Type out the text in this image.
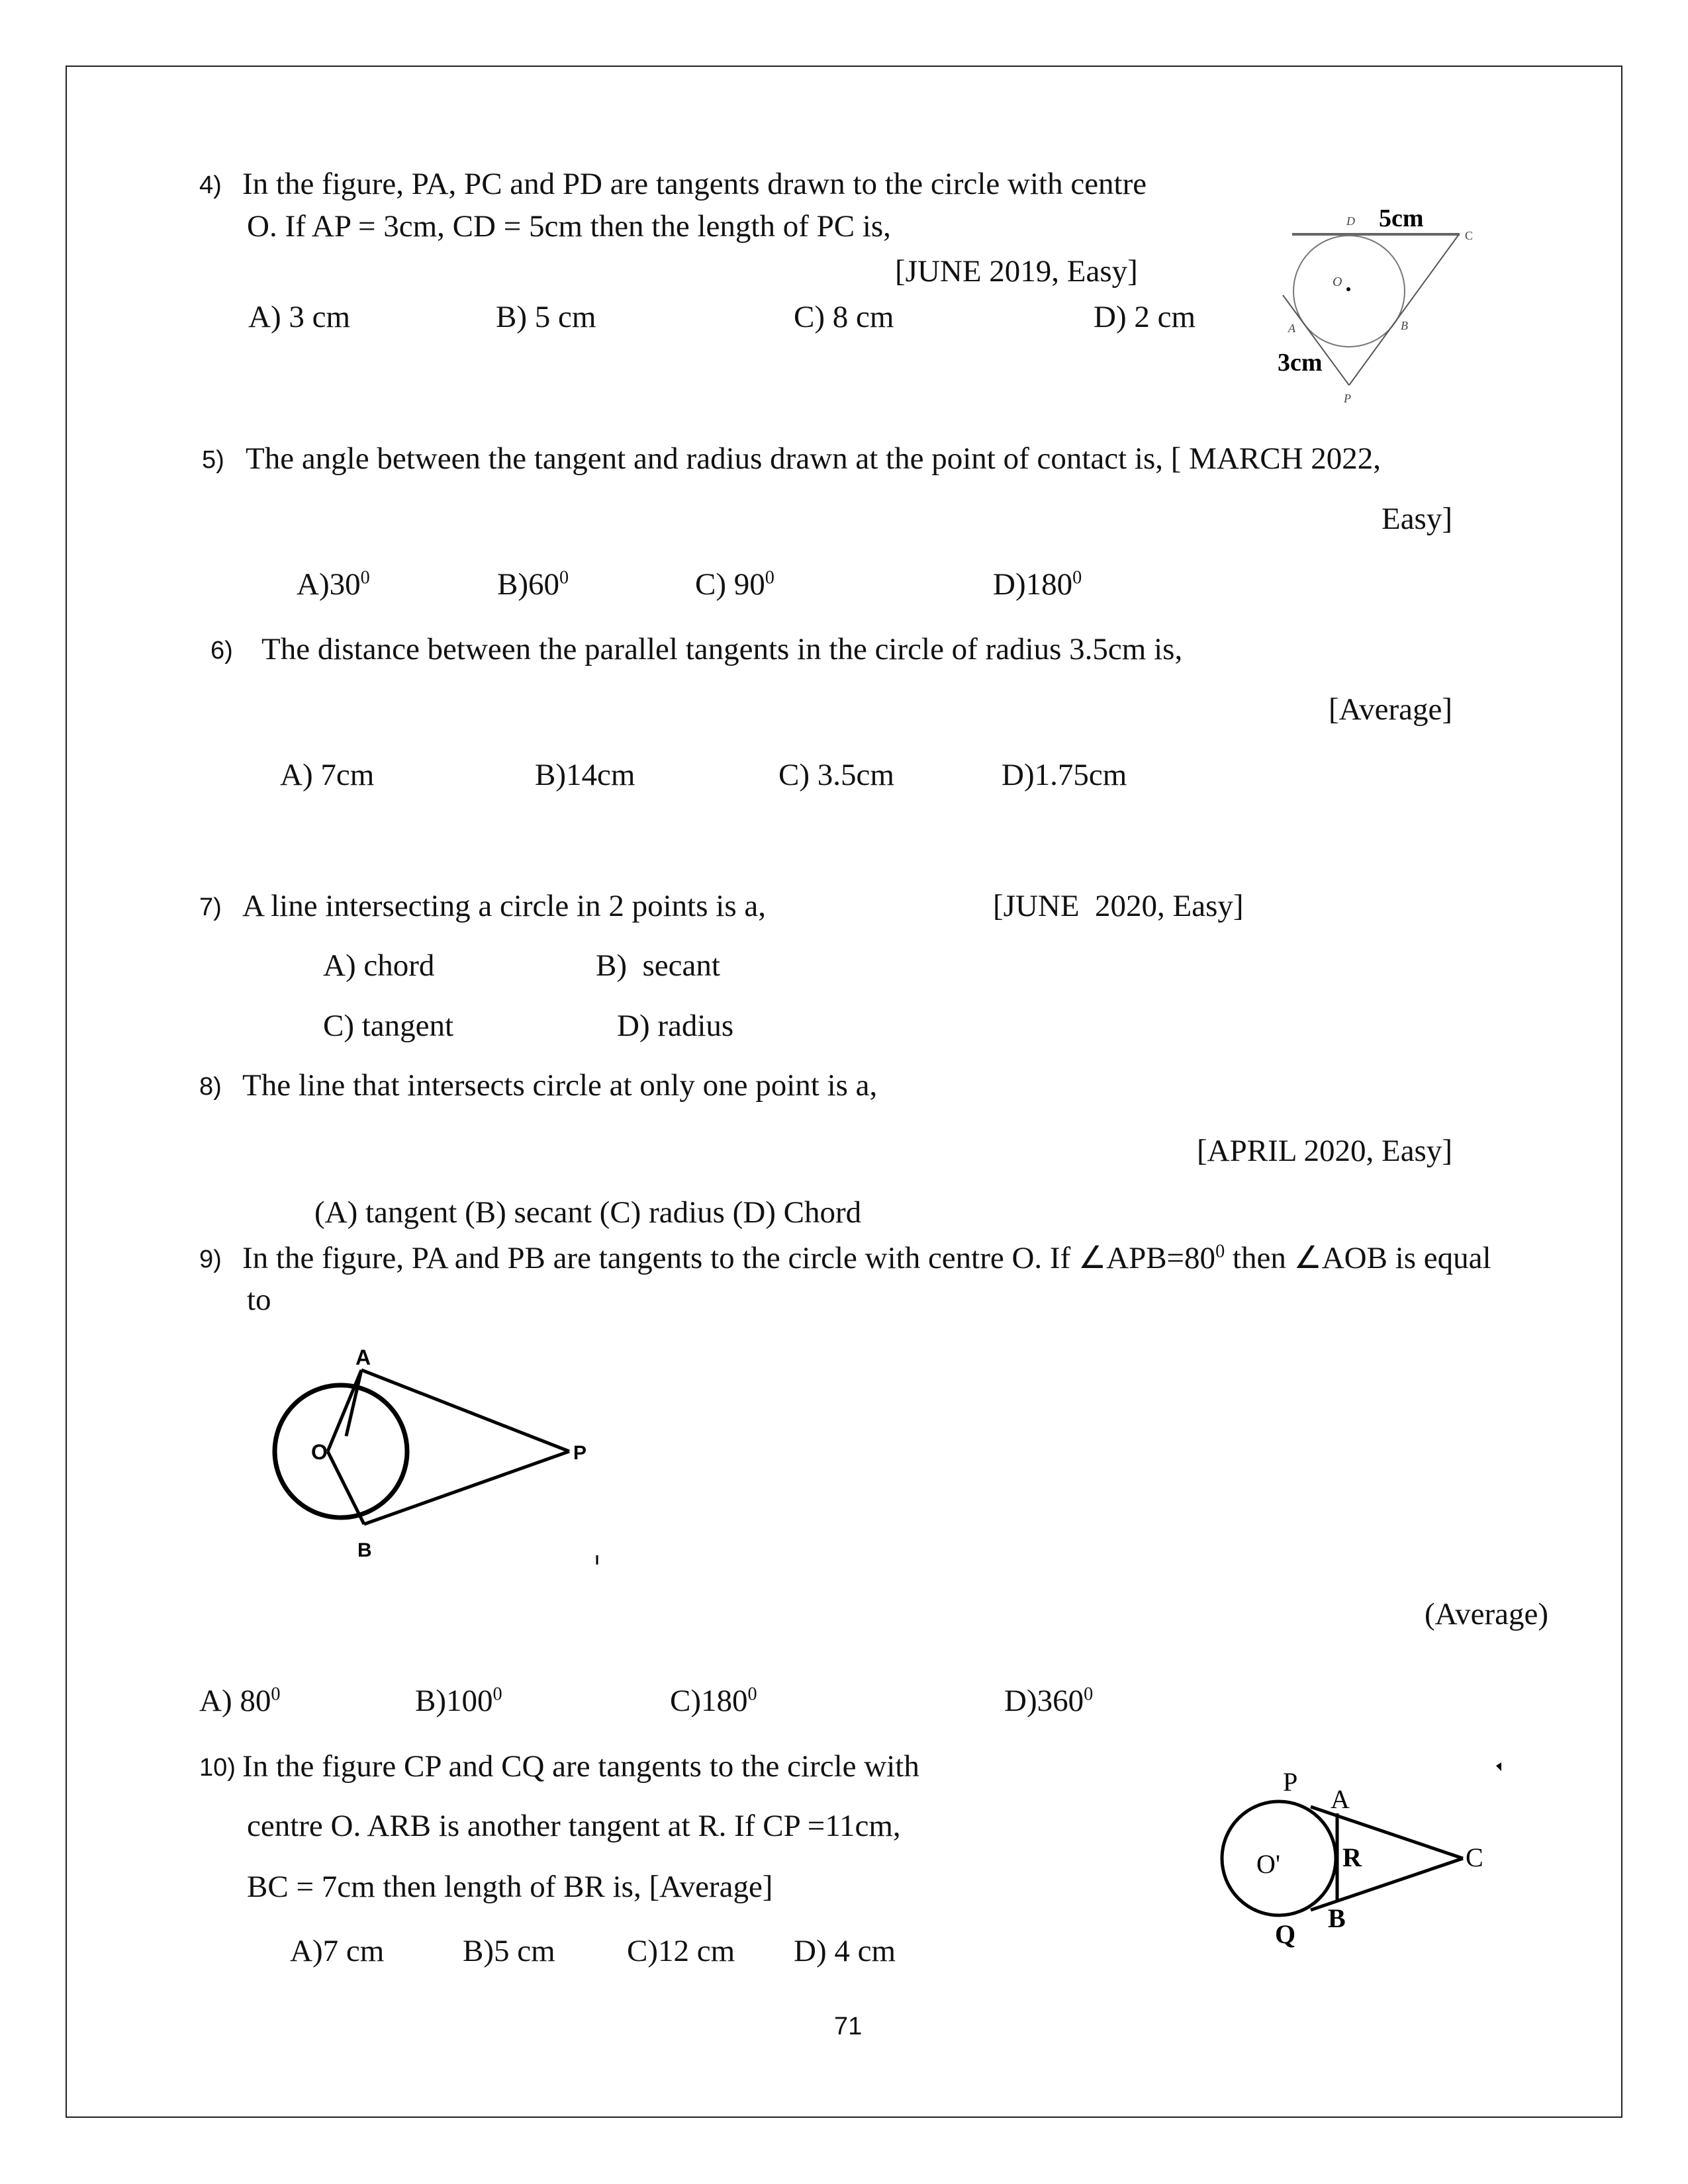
4) In the figure, PA, PC and PD are tangents drawn to the circle with centre
O. If AP = 3cm, CD = 5cm then the length of PC is,
[JUNE 2019, Easy]
A) 3 cm	B) 5 cm	C) 8 cm	D) 2 cm
D 5cm
C
O
A	B
3cm
P
5) The angle between the tangent and radius drawn at the point of contact is, [ MARCH 2022,
Easy]
$A)30^0$	$B)60^0$	C) $90^0$	$D)180^0$
6) The distance between the parallel tangents in the circle of radius 3.5cm is,
[Average]
A) 7cm	B)14cm	C) 3.5cm	D)1.75cm
7) A line intersecting a circle in 2 points is a,	[JUNE  2020, Easy]
A) chord	B)  secant
C) tangent	D) radius
8) The line that intersects circle at only one point is a,
[APRIL 2020, Easy]
(A) tangent (B) secant (C) radius (D) Chord
9) In the figure, PA and PB are tangents to the circle with centre O. If $\angle APB=80^0$ then ∠AOB is equal
to
A
O	P
B
(Average)
A) $80^0$	$B)100^0$	$C)180^0$	$D)360^0$
10) In the figure CP and CQ are tangents to the circle with
centre O. ARB is another tangent at R. If CP =11cm,
BC = 7cm then length of BR is, [Average]
A)7 cm	B)5 cm C)12 cm D) 4 cm
P
A
O' R	C
B
Q
71
